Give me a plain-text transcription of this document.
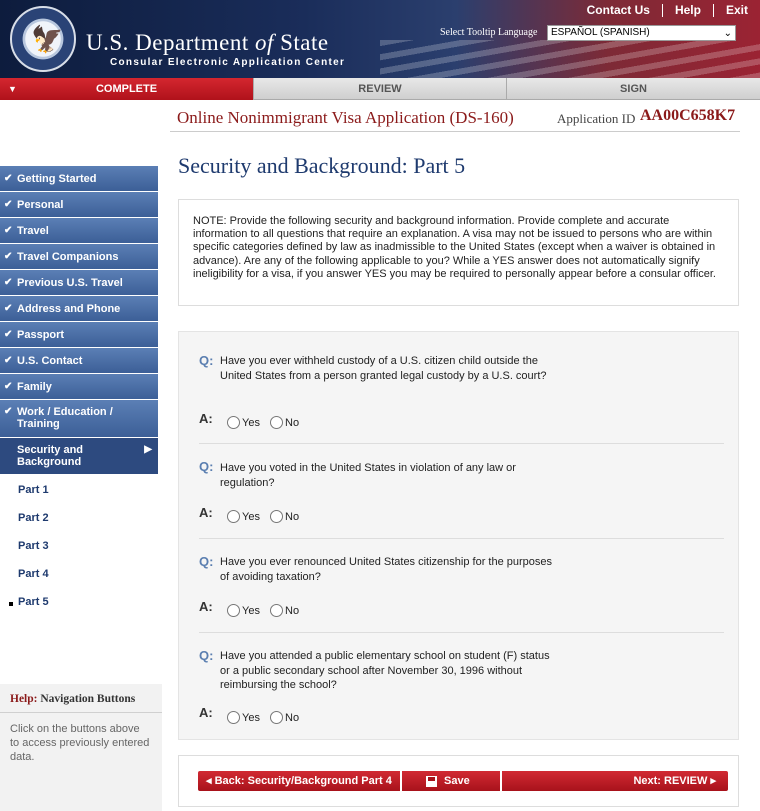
🦅 U.S. Department of State
Consular Electronic Application Center
Contact Us	Help	Exit
Select Tooltip Language	ESPAÑOL (SPANISH)	⌄
▼	COMPLETE	REVIEW	SIGN
Online Nonimmigrant Visa Application (DS-160)	Application ID AA00C658K7
✔ Getting Started
✔ Personal
✔ Travel
✔ Travel Companions
✔ Previous U.S. Travel
✔ Address and Phone
✔ Passport
✔ U.S. Contact
✔ Family
✔ Work / Education / Training
Security and Background
▶
Part 1
Part 2
Part 3
Part 4
Part 5
Help: Navigation Buttons
Click on the buttons above to access previously entered data.
Security and Background: Part 5
NOTE: Provide the following security and background information. Provide complete and accurate information to all questions that require an explanation. A visa may not be issued to persons who are within specific categories defined by law as inadmissible to the United States (except when a waiver is obtained in advance). Are any of the following applicable to you? While a YES answer does not automatically signify ineligibility for a visa, if you answer YES you may be required to personally appear before a consular officer.
Q: Have you ever withheld custody of a U.S. citizen child outside the United States from a person granted legal custody by a U.S. court?
A:	Yes No
Q: Have you voted in the United States in violation of any law or regulation?
A:	Yes No
Q: Have you ever renounced United States citizenship for the purposes of avoiding taxation?
A:	Yes No
Q: Have you attended a public elementary school on student (F) status or a public secondary school after November 30, 1996 without reimbursing the school?
A:	Yes No
◂ Back: Security/Background Part 4	Save	Next: REVIEW ▸
